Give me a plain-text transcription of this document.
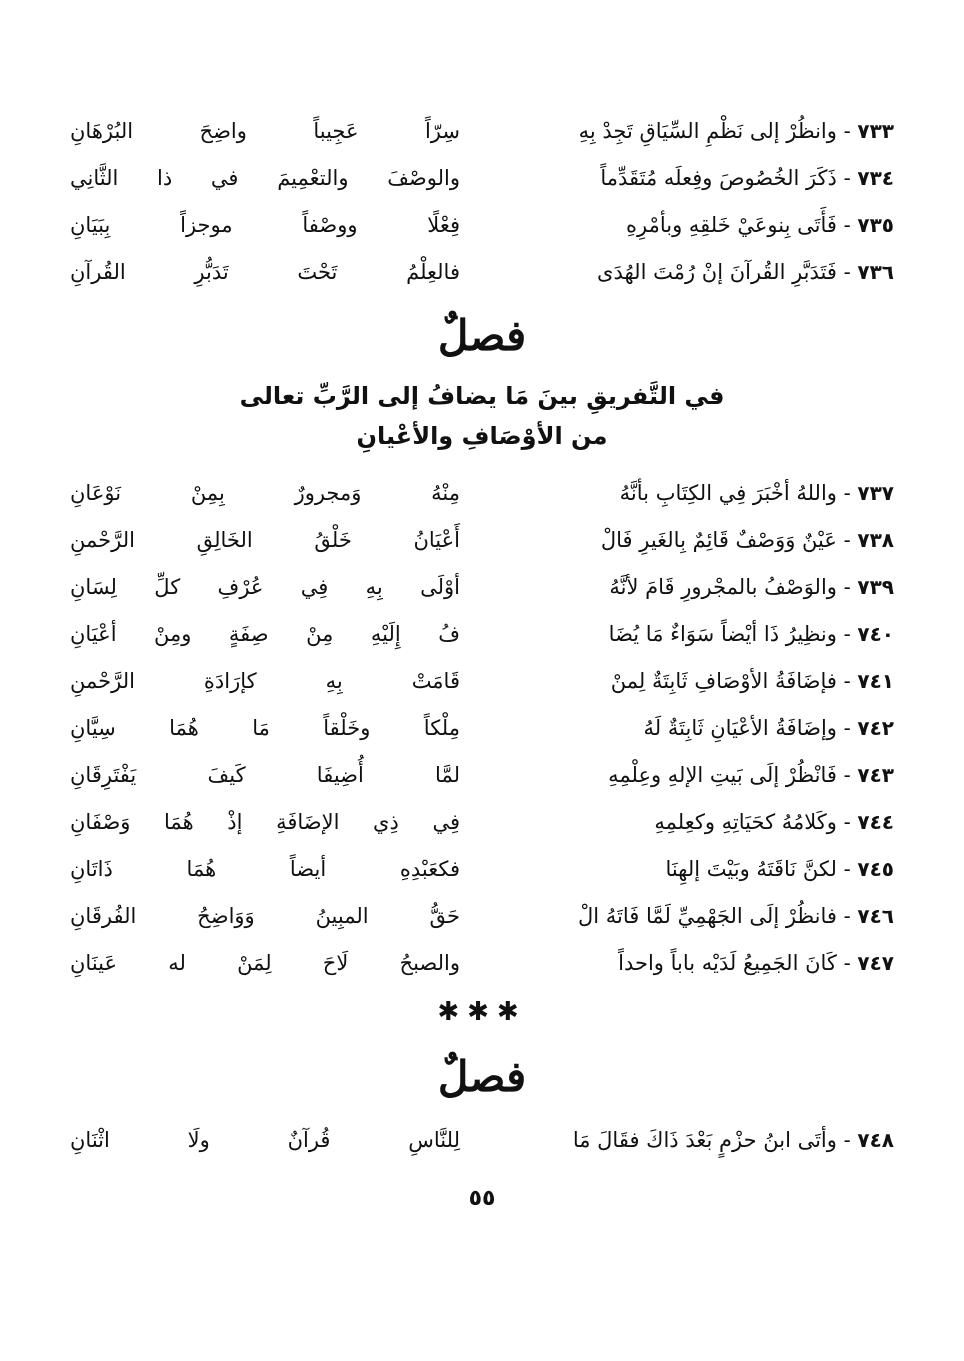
٧٣٣ - وانظُرْ إلى نَظْمِ السِّيَاقِ تَجِدْ بِهِ
سِرّاً عَجِيباً واضِحَ البُرْهَانِ
٧٣٤ - ذَكَرَ الخُصُوصَ وفِعلَه مُتَقَدِّماً
والوصْفَ والتعْمِيمَ في ذا الثَّانِي
٧٣٥ - فَأَتَى بِنوعَيْ خَلقِهِ وبأمْرِهِ
فِعْلًا ووصْفاً موجزاً بِبَيَانِ
٧٣٦ - فَتَدَبَّرِ القُرآنَ إنْ رُمْتَ الهُدَى
فالعِلْمُ تَحْتَ تَدَبُّرِ القُرآنِ
فصلٌ
في التَّفريقِ بينَ مَا يضافُ إلى الرَّبِّ تعالى
من الأوْصَافِ والأعْيانِ
٧٣٧ - واللهُ أخْبَرَ فِي الكِتَابِ بأنَّهُ
مِنْهُ وَمجرورٌ بِمِنْ نَوْعَانِ
٧٣٨ - عَيْنٌ وَوَصْفٌ قَائِمٌ بِالغَيرِ فَالْ
أَعْيَانُ خَلْقُ الخَالِقِ الرَّحْمنِ
٧٣٩ - والوَصْفُ بالمجْرورِ قَامَ لأنَّهُ
أوْلَى بِهِ فِي عُرْفِ كلِّ لِسَانِ
٧٤٠ - ونظِيرُ ذَا أيْضاً سَوَاءٌ مَا يُضَا
فُ إِلَيْهِ مِنْ صِفَةٍ ومِنْ أعْيَانِ
٧٤١ - فإضَافَةُ الأوْصَافِ ثَابِتَةٌ لِمنْ
قَامَتْ بِهِ كإرَادَةِ الرَّحْمنِ
٧٤٢ - وإضَافَةُ الأعْيَانِ ثَابِتَةٌ لَهُ
مِلْكاً وخَلْقاً مَا هُمَا سِيَّانِ
٧٤٣ - فَانْظُرْ إلَى بَيتِ الإلهِ وعِلْمِهِ
لمَّا أُضِيفَا كَيفَ يَفْتَرِقَانِ
٧٤٤ - وكَلامُهُ كحَيَاتِهِ وكعِلمِهِ
فِي ذِي الإضَافَةِ إذْ هُمَا وَصْفَانِ
٧٤٥ - لكنَّ نَاقَتَهُ وبَيْتَ إلهِنَا
فكعَبْدِهِ أيضاً هُمَا ذَاتَانِ
٧٤٦ - فانظُرْ إلَى الجَهْمِيِّ لَمَّا فَاتَهُ الْ
حَقُّ المبِينُ وَوَاضِحُ الفُرقَانِ
٧٤٧ - كَانَ الجَمِيعُ لَدَيْه باباً واحداً
والصبحُ لَاحَ لِمَنْ له عَينَانِ
✱✱✱
فصلٌ
٧٤٨ - وأتَى ابنُ حزْمٍ بَعْدَ ذَاكَ فقَالَ مَا
لِلنَّاسِ قُرآنٌ ولَا اثْنَانِ
٥٥
